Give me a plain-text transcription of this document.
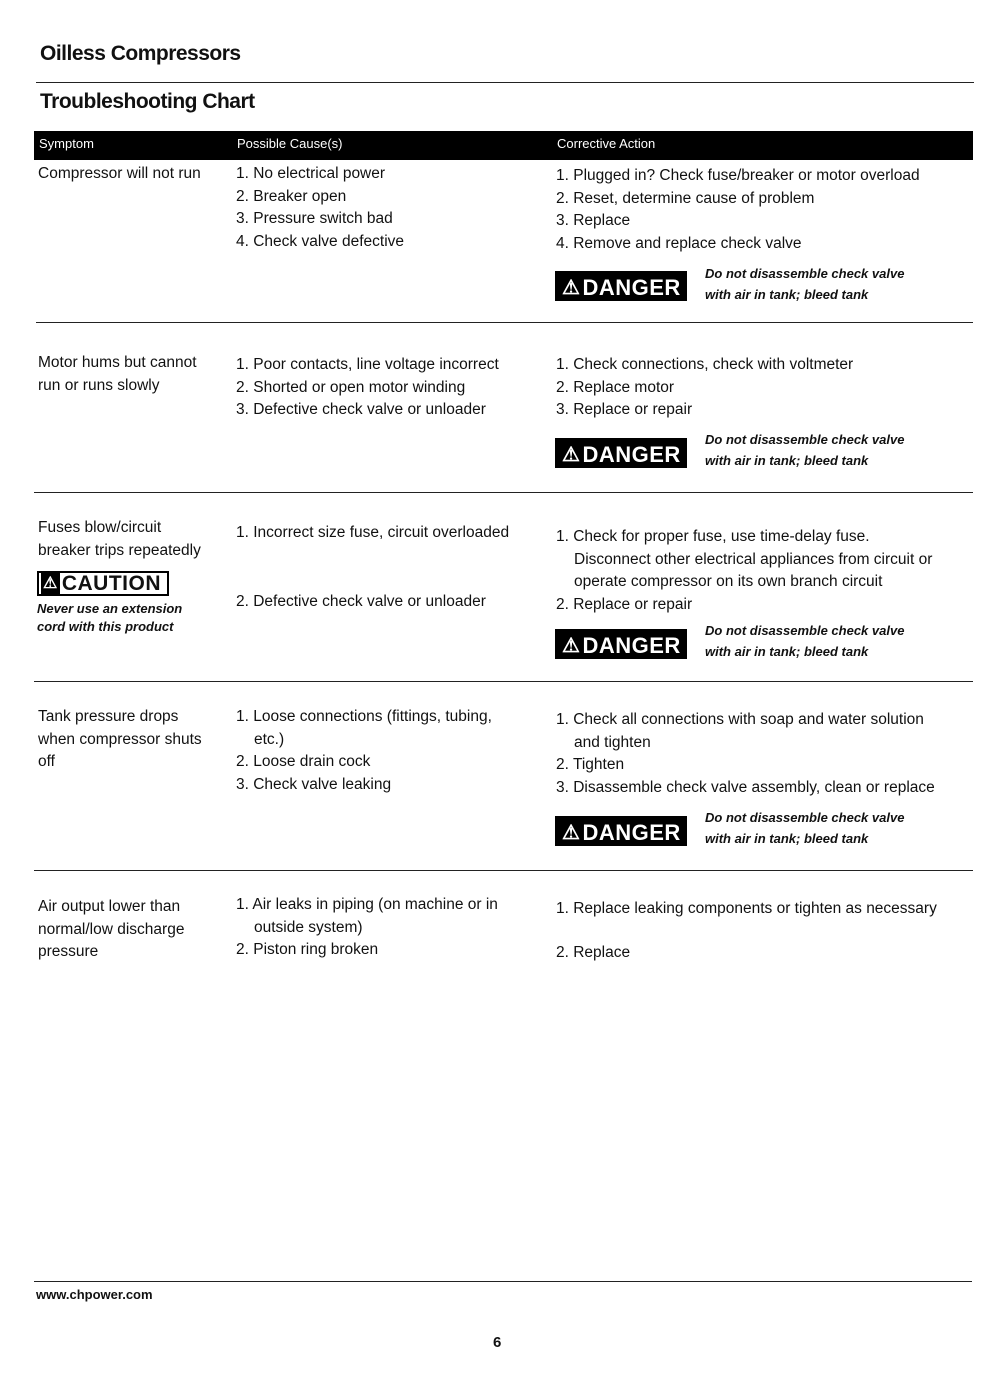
Oilless Compressors
Troubleshooting Chart
Symptom	Possible Cause(s)	Corrective Action
Compressor will not run 1. No electrical power
2. Breaker open
3. Pressure switch bad
4. Check valve defective
1. Plugged in? Check fuse/breaker or motor overload
2. Reset, determine cause of problem
3. Replace
4. Remove and replace check valve
⚠DANGER
Do not disassemble check valve
with air in tank; bleed tank
Motor hums but cannot
run or runs slowly
1. Poor contacts, line voltage incorrect
2. Shorted or open motor winding
3. Defective check valve or unloader
1. Check connections, check with voltmeter
2. Replace motor
3. Replace or repair
⚠DANGER
Do not disassemble check valve
with air in tank; bleed tank
Fuses blow/circuit
breaker trips repeatedly
⚠ CAUTION
Never use an extension
cord with this product
1. Incorrect size fuse, circuit overloaded
2. Defective check valve or unloader
1. Check for proper fuse, use time-delay fuse.
Disconnect other electrical appliances from circuit or
operate compressor on its own branch circuit
2. Replace or repair
⚠DANGER
Do not disassemble check valve
with air in tank; bleed tank
Tank pressure drops
when compressor shuts
off
1. Loose connections (fittings, tubing,
etc.)
2. Loose drain cock
3. Check valve leaking
1. Check all connections with soap and water solution
and tighten
2. Tighten
3. Disassemble check valve assembly, clean or replace
⚠DANGER
Do not disassemble check valve
with air in tank; bleed tank
Air output lower than
normal/low discharge
pressure
1. Air leaks in piping (on machine or in
outside system)
2. Piston ring broken
1. Replace leaking components or tighten as necessary
2. Replace
www.chpower.com
6
